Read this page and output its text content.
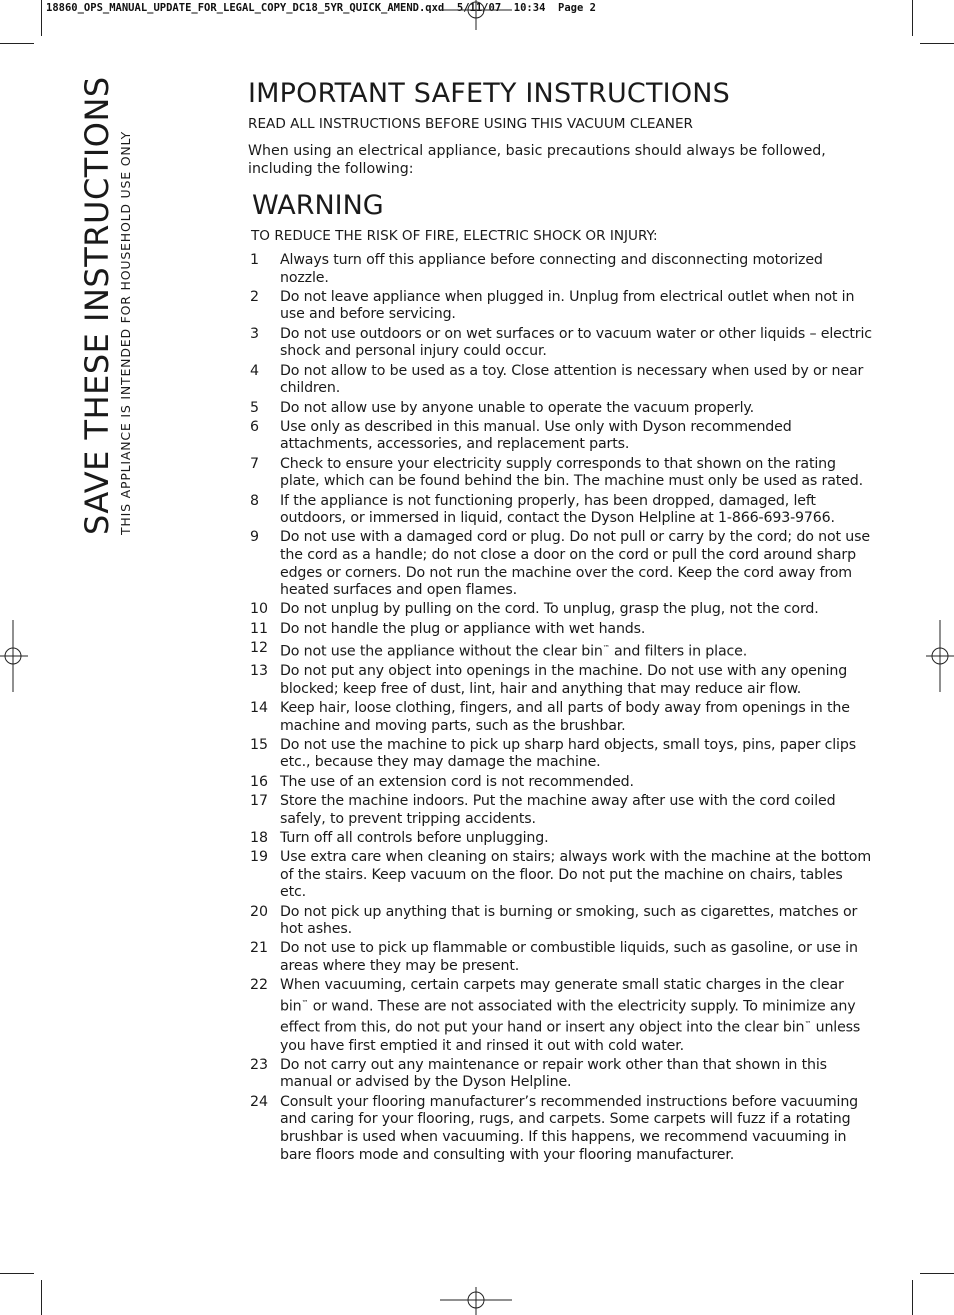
18860_OPS_MANUAL_UPDATE_FOR_LEGAL_COPY_DC18_5YR_QUICK_AMEND.qxd  5/11/07  10:34  Page 2
SAVE THESE INSTRUCTIONS THIS APPLIANCE IS INTENDED FOR HOUSEHOLD USE ONLY
IMPORTANT SAFETY INSTRUCTIONS
READ ALL INSTRUCTIONS BEFORE USING THIS VACUUM CLEANER
When using an electrical appliance, basic precautions should always be followed, including the following:
WARNING
TO REDUCE THE RISK OF FIRE, ELECTRIC SHOCK OR INJURY:
1	Always turn off this appliance before connecting and disconnecting motorized nozzle.
2	Do not leave appliance when plugged in. Unplug from electrical outlet when not in use and before servicing.
3	Do not use outdoors or on wet surfaces or to vacuum water or other liquids – electric shock and personal injury could occur.
4	Do not allow to be used as a toy. Close attention is necessary when used by or near children.
5	Do not allow use by anyone unable to operate the vacuum properly.
6	Use only as described in this manual. Use only with Dyson recommended attachments, accessories, and replacement parts.
7	Check to ensure your electricity supply corresponds to that shown on the rating plate, which can be found behind the bin. The machine must only be used as rated.
8	If the appliance is not functioning properly, has been dropped, damaged, left outdoors, or immersed in liquid, contact the Dyson Helpline at 1-866-693-9766.
9	Do not use with a damaged cord or plug. Do not pull or carry by the cord; do not use the cord as a handle; do not close a door on the cord or pull the cord around sharp edges or corners. Do not run the machine over the cord. Keep the cord away from heated surfaces and open flames.
10 Do not unplug by pulling on the cord. To unplug, grasp the plug, not the cord.
11 Do not handle the plug or appliance with wet hands.
12 Do not use the appliance without the clear bin™ and filters in place.
13 Do not put any object into openings in the machine. Do not use with any opening blocked; keep free of dust, lint, hair and anything that may reduce air flow.
14 Keep hair, loose clothing, fingers, and all parts of body away from openings in the machine and moving parts, such as the brushbar.
15 Do not use the machine to pick up sharp hard objects, small toys, pins, paper clips etc., because they may damage the machine.
16 The use of an extension cord is not recommended.
17 Store the machine indoors. Put the machine away after use with the cord coiled safely, to prevent tripping accidents.
18 Turn off all controls before unplugging.
19 Use extra care when cleaning on stairs; always work with the machine at the bottom of the stairs. Keep vacuum on the floor. Do not put the machine on chairs, tables etc.
20 Do not pick up anything that is burning or smoking, such as cigarettes, matches or hot ashes.
21 Do not use to pick up flammable or combustible liquids, such as gasoline, or use in areas where they may be present.
22 When vacuuming, certain carpets may generate small static charges in the clear bin™ or wand. These are not associated with the electricity supply. To minimize any effect from this, do not put your hand or insert any object into the clear bin™ unless you have first emptied it and rinsed it out with cold water.
23 Do not carry out any maintenance or repair work other than that shown in this manual or advised by the Dyson Helpline.
24 Consult your flooring manufacturer’s recommended instructions before vacuuming and caring for your flooring, rugs, and carpets. Some carpets will fuzz if a rotating brushbar is used when vacuuming. If this happens, we recommend vacuuming in bare floors mode and consulting with your flooring manufacturer.
